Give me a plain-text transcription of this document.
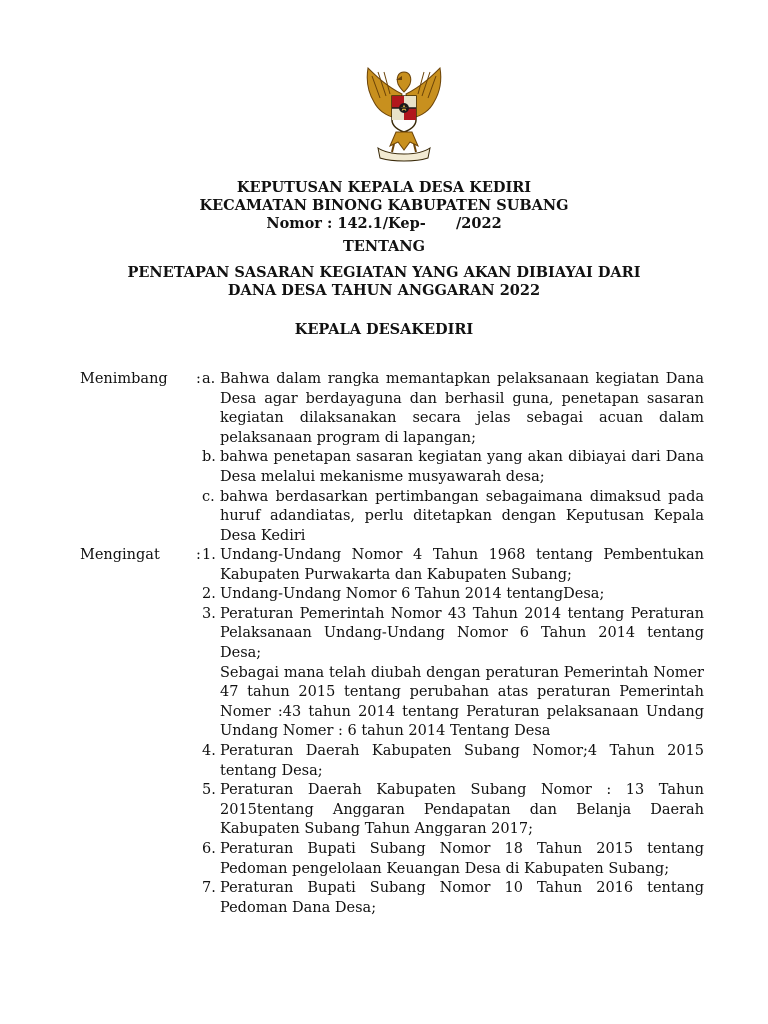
KEPUTUSAN KEPALA DESA KEDIRI
KECAMATAN BINONG KABUPATEN SUBANG
Nomor : 142.1/Kep-      /2022
TENTANG
PENETAPAN SASARAN KEGIATAN YANG AKAN DIBIAYAI DARI
DANA DESA TAHUN ANGGARAN 2022
KEPALA DESAKEDIRI
Menimbang	: a. Bahwa dalam rangka memantapkan pelaksanaan kegiatan Dana Desa agar berdayaguna dan berhasil guna, penetapan sasaran kegiatan dilaksanakan secara jelas sebagai acuan dalam pelaksanaan program di lapangan;

b. bahwa penetapan sasaran kegiatan yang akan dibiayai dari Dana Desa melalui mekanisme musyawarah desa;

c. bahwa berdasarkan pertimbangan sebagaimana dimaksud pada huruf adandiatas, perlu ditetapkan dengan Keputusan Kepala Desa Kediri

Mengingat	: 1. Undang-Undang Nomor 4 Tahun 1968 tentang Pembentukan Kabupaten Purwakarta dan Kabupaten Subang;

2. Undang-Undang Nomor 6 Tahun 2014 tentangDesa;

3. Peraturan Pemerintah Nomor 43 Tahun 2014 tentang Peraturan Pelaksanaan Undang-Undang Nomor 6 Tahun 2014 tentang Desa;

Sebagai mana telah diubah dengan peraturan Pemerintah Nomer 47 tahun 2015 tentang perubahan atas peraturan Pemerintah Nomer :43 tahun 2014 tentang Peraturan pelaksanaan Undang Undang Nomer : 6 tahun 2014 Tentang Desa

4. Peraturan Daerah Kabupaten Subang Nomor;4 Tahun 2015 tentang Desa;

5. Peraturan Daerah Kabupaten Subang Nomor : 13 Tahun 2015tentang Anggaran Pendapatan dan Belanja Daerah Kabupaten Subang Tahun Anggaran 2017;

6. Peraturan Bupati Subang Nomor 18 Tahun 2015 tentang Pedoman pengelolaan Keuangan Desa di Kabupaten Subang;

7. Peraturan Bupati Subang Nomor 10 Tahun 2016 tentang Pedoman Dana Desa;
